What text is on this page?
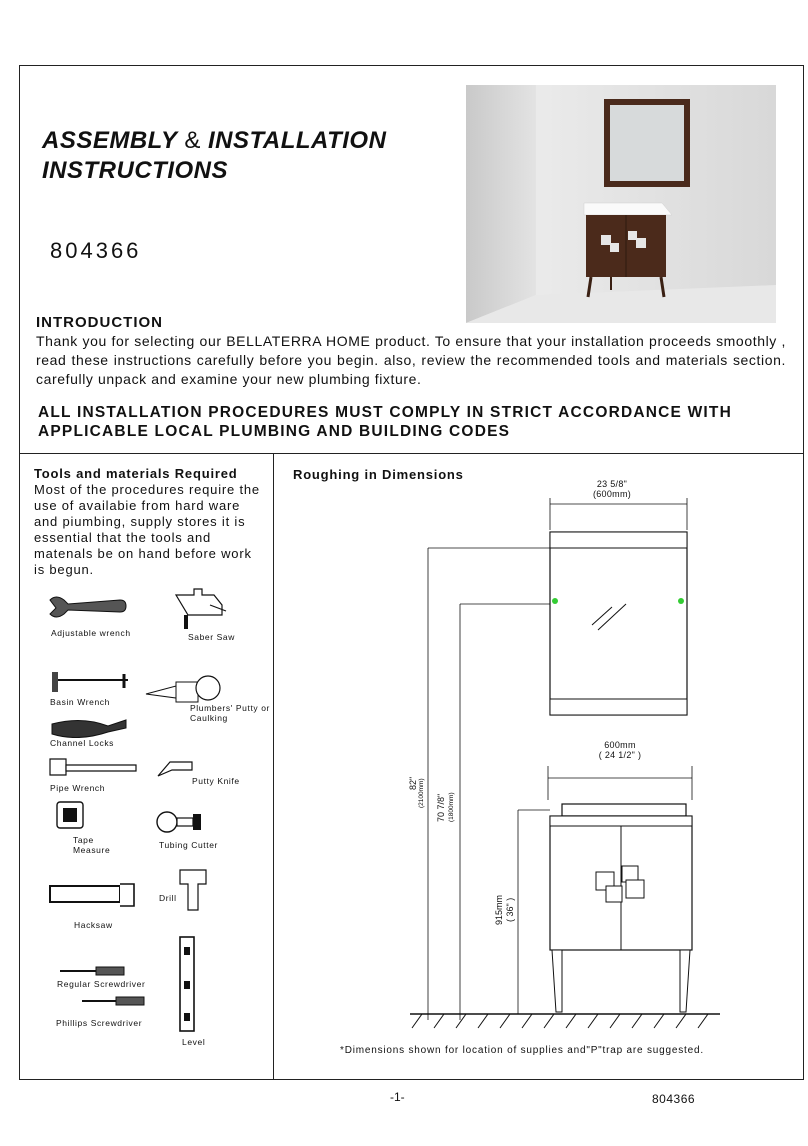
ASSEMBLY & INSTALLATION
INSTRUCTIONS
804366
INTRODUCTION
Thank you for selecting our BELLATERRA HOME product. To ensure that your installation proceeds smoothly , read these instructions carefully before you begin. also, review the recommended tools and materials section. carefully unpack and examine your new plumbing fixture.
ALL INSTALLATION PROCEDURES MUST COMPLY IN STRICT ACCORDANCE WITH APPLICABLE LOCAL PLUMBING AND BUILDING CODES
Tools and materials Required
Most of the procedures require the use of availabie from hard ware and piumbing, supply stores it is essential that the tools and matenals be on hand before work is begun.
Adjustable wrench	Saber Saw
Basin Wrench
Plumbers' Putty or
Caulking
Channel Locks
Pipe Wrench
Putty Knife
Tape
Measure	Tubing Cutter
Drill
Hacksaw
Regular Screwdriver
Phillips Screwdriver
Level
Roughing in Dimensions
23 5/8"
(600mm)
600mm
( 24 1/2" )
82" (2100mm) 70 7/8" (1800mm)
915mm ( 36" )
*Dimensions shown for location of supplies and"P"trap are suggested.
-1-	804366
